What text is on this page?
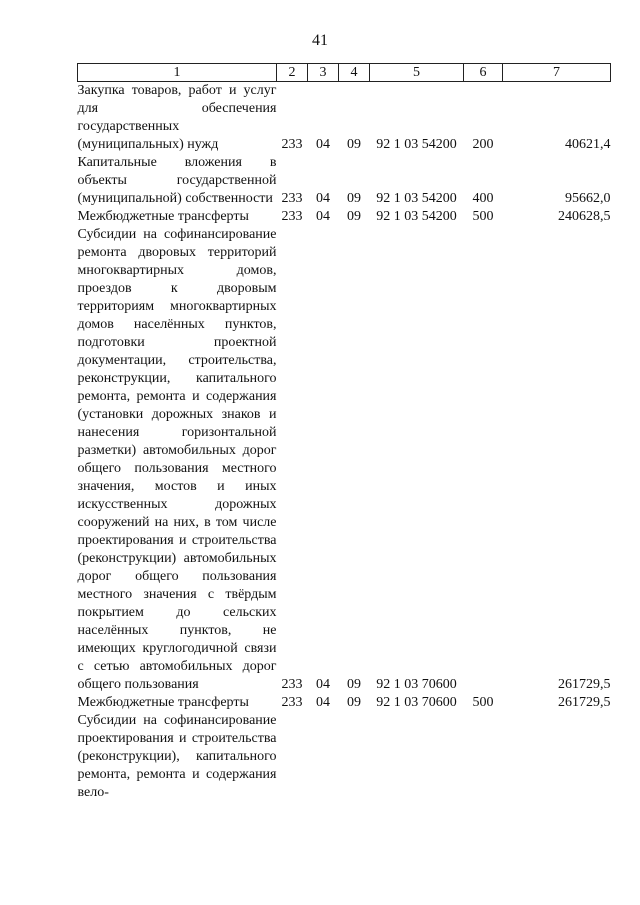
41
1	2	3	4	5	6	7
Закупка товаров, работ и услуг для обеспечения государственных (муниципальных) нужд	233	04	09	92 1 03 54200	200	40621,4
Капитальные вложения в объекты государственной (муниципальной) собственности	233	04	09	92 1 03 54200	400	95662,0
Межбюджетные трансферты	233	04	09	92 1 03 54200	500	240628,5
Субсидии на софинансирование ремонта дворовых территорий многоквартирных домов, проездов к дворовым территориям многоквартирных домов населённых пунктов, подготовки проектной документации, строительства, реконструкции, капитального ремонта, ремонта и содержания (установки дорожных знаков и нанесения горизонтальной разметки) автомобильных дорог общего пользования местного значения, мостов и иных искусственных дорожных сооружений на них, в том числе проектирования и строительства (реконструкции) автомобильных дорог общего пользования местного значения с твёрдым покрытием до сельских населённых пунктов, не имеющих круглогодичной связи с сетью автомобильных дорог общего пользования	233	04	09	92 1 03 70600		261729,5
Межбюджетные трансферты	233	04	09	92 1 03 70600	500	261729,5
Субсидии на софинансирование проектирования и строительства (реконструкции), капитального ремонта, ремонта и содержания вело-						
